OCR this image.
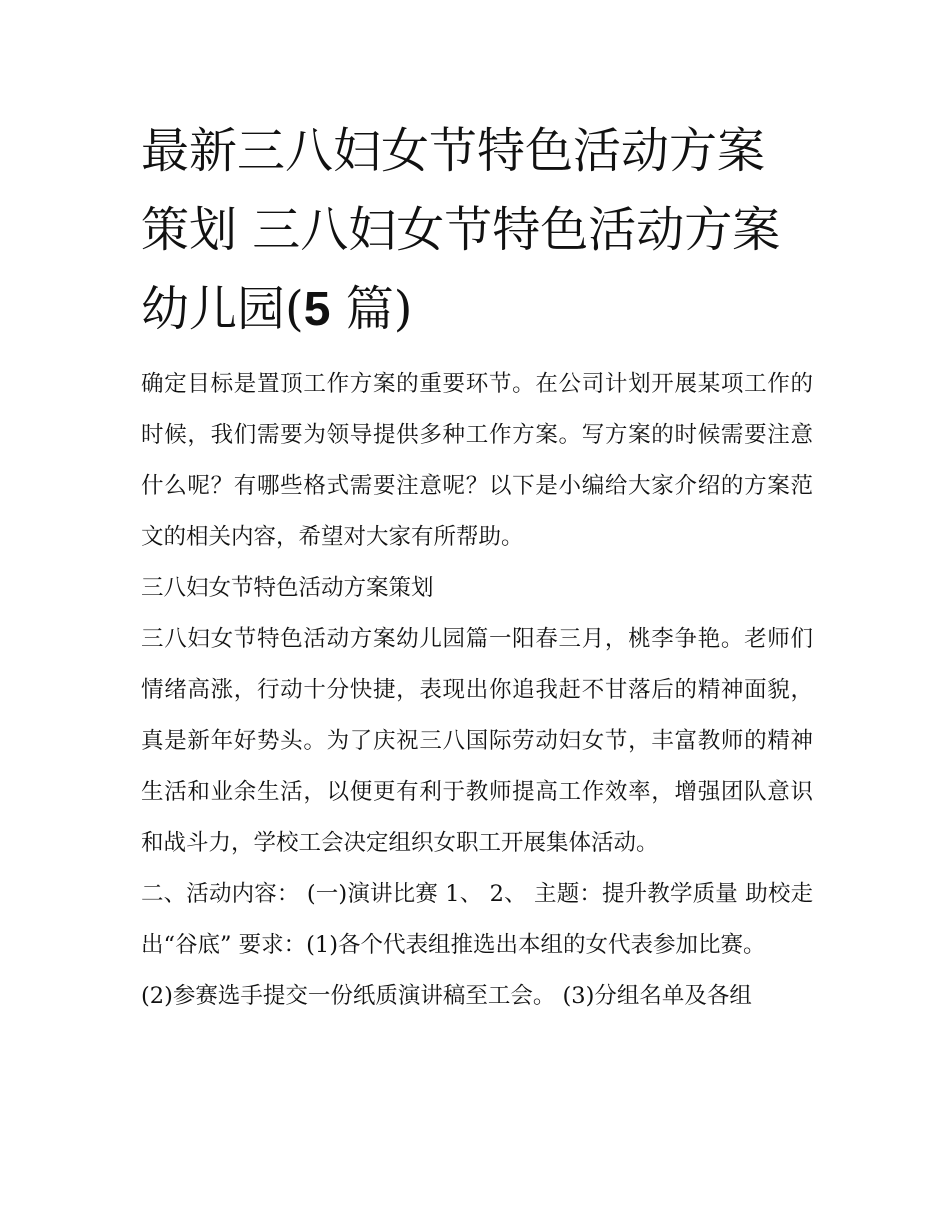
最新三八妇女节特色活动方案
策划 三八妇女节特色活动方案
幼儿园(5 篇)

确定目标是置顶工作方案的重要环节。在公司计划开展某项工作的时候，我们需要为领导提供多种工作方案。写方案的时候需要注意什么呢？有哪些格式需要注意呢？以下是小编给大家介绍的方案范文的相关内容，希望对大家有所帮助。

三八妇女节特色活动方案策划

三八妇女节特色活动方案幼儿园篇一阳春三月，桃李争艳。老师们情绪高涨，行动十分快捷，表现出你追我赶不甘落后的精神面貌，真是新年好势头。为了庆祝三八国际劳动妇女节，丰富教师的精神生活和业余生活，以便更有利于教师提高工作效率，增强团队意识和战斗力，学校工会决定组织女职工开展集体活动。

二、活动内容： (一)演讲比赛 1、 2、 主题：提升教学质量 助校走出“谷底” 要求：(1)各个代表组推选出本组的女代表参加比赛。

(2)参赛选手提交一份纸质演讲稿至工会。 (3)分组名单及各组
